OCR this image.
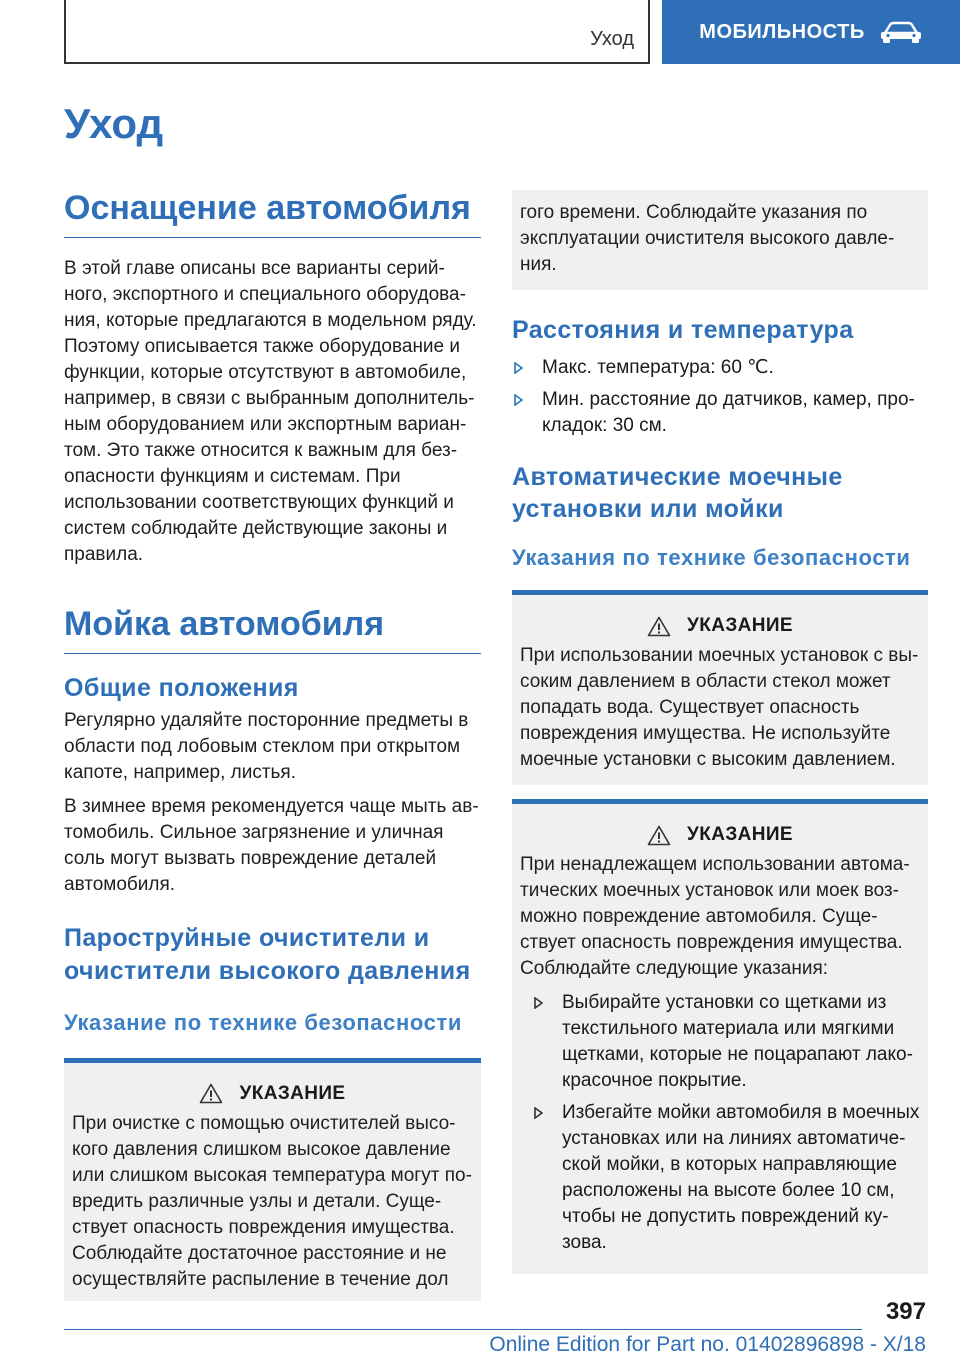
Уход	МОБИЛЬНОСТЬ
Уход
Оснащение автомобиля

В этой главе описаны все варианты серийного, экспортного и специального оборудования, которые предлагаются в модельном ряду. Поэтому описывается также оборудование и функции, которые отсутствуют в автомобиле, например, в связи с выбранным дополнительным оборудованием или экспортным вариантом. Это также относится к важным для безопасности функциям и системам. При использовании соответствующих функций и систем соблюдайте действующие законы и правила.

Мойка автомобиля
Общие положения

Регулярно удаляйте посторонние предметы в области под лобовым стеклом при открытом капоте, например, листья.

В зимнее время рекомендуется чаще мыть автомобиль. Сильное загрязнение и уличная соль могут вызвать повреждение деталей автомобиля.

Пароструйные очистители и очистители высокого давления
Указание по технике безопасности
УКАЗАНИЕ

При очистке с помощью очистителей высокого давления слишком высокое давление или слишком высокая температура могут повредить различные узлы и детали. Существует опасность повреждения имущества. Соблюдайте достаточное расстояние и не осуществляйте распыление в течение дол

гого времени. Соблюдайте указания по эксплуатации очистителя высокого давления.

Расстояния и температура
Макс. температура: 60 ℃.
Мин. расстояние до датчиков, камер, прокладок: 30 см.
Автоматические моечные установки или мойки
Указания по технике безопасности
УКАЗАНИЕ

При использовании моечных установок с высоким давлением в области стекол может попадать вода. Существует опасность повреждения имущества. Не используйте моечные установки с высоким давлением.

УКАЗАНИЕ

При ненадлежащем использовании автоматических моечных установок или моек возможно повреждение автомобиля. Существует опасность повреждения имущества. Соблюдайте следующие указания:

Выбирайте установки со щетками из текстильного материала или мягкими щетками, которые не поцарапают лакокрасочное покрытие.
Избегайте мойки автомобиля в моечных установках или на линиях автоматической мойки, в которых направляющие расположены на высоте более 10 см, чтобы не допустить повреждений кузова.
397
Online Edition for Part no. 01402896898 - X/18
